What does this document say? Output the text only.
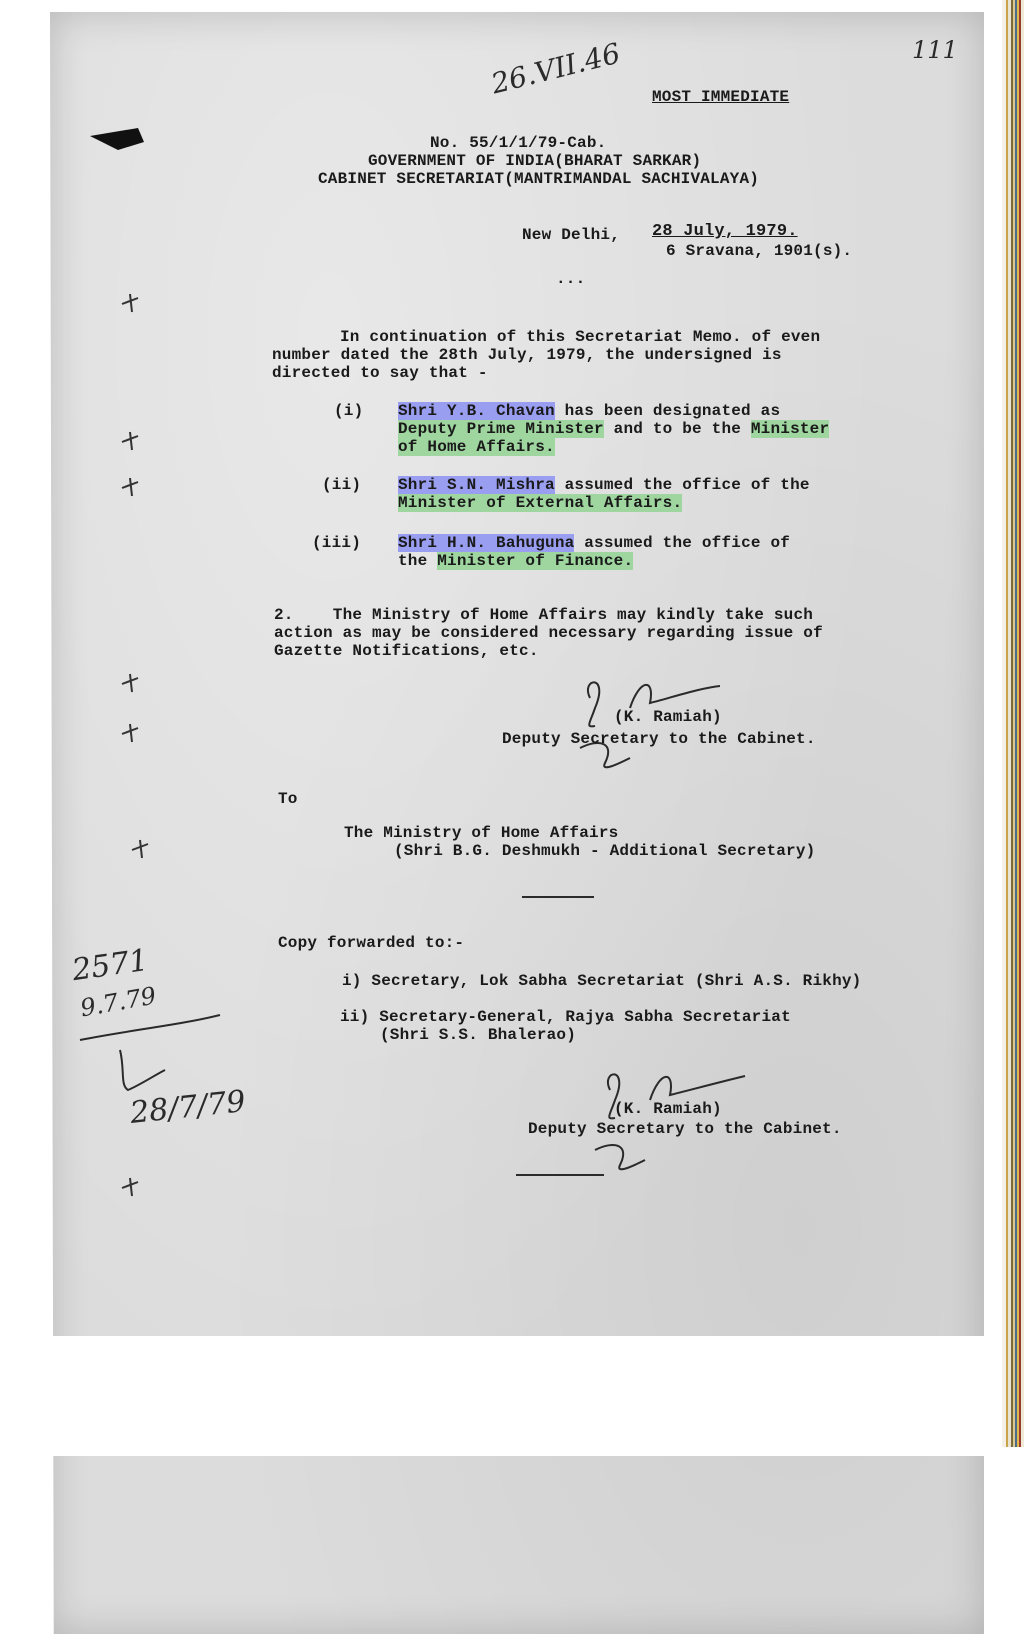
26.VII.46	111
MOST IMMEDIATE
No. 55/1/1/79-Cab.
GOVERNMENT OF INDIA(BHARAT SARKAR)
CABINET SECRETARIAT(MANTRIMANDAL SACHIVALAYA)
New Delhi, 28 July, 1979.
6 Sravana, 1901(s).
...
In continuation of this Secretariat Memo. of even
number dated the 28th July, 1979, the undersigned is
directed to say that -
(i) Shri Y.B. Chavan has been designated as
Deputy Prime Minister and to be the Minister
of Home Affairs.
(ii) Shri S.N. Mishra assumed the office of the
Minister of External Affairs.
(iii) Shri H.N. Bahuguna assumed the office of
the Minister of Finance.
2.    The Ministry of Home Affairs may kindly take such
action as may be considered necessary regarding issue of
Gazette Notifications, etc.
(K. Ramiah)
Deputy Secretary to the Cabinet.
To
The Ministry of Home Affairs
(Shri B.G. Deshmukh - Additional Secretary)
Copy forwarded to:-
i) Secretary, Lok Sabha Secretariat (Shri A.S. Rikhy)
ii) Secretary-General, Rajya Sabha Secretariat
(Shri S.S. Bhalerao)
(K. Ramiah)
Deputy Secretary to the Cabinet.
2571
9.7.79
28/7/79
